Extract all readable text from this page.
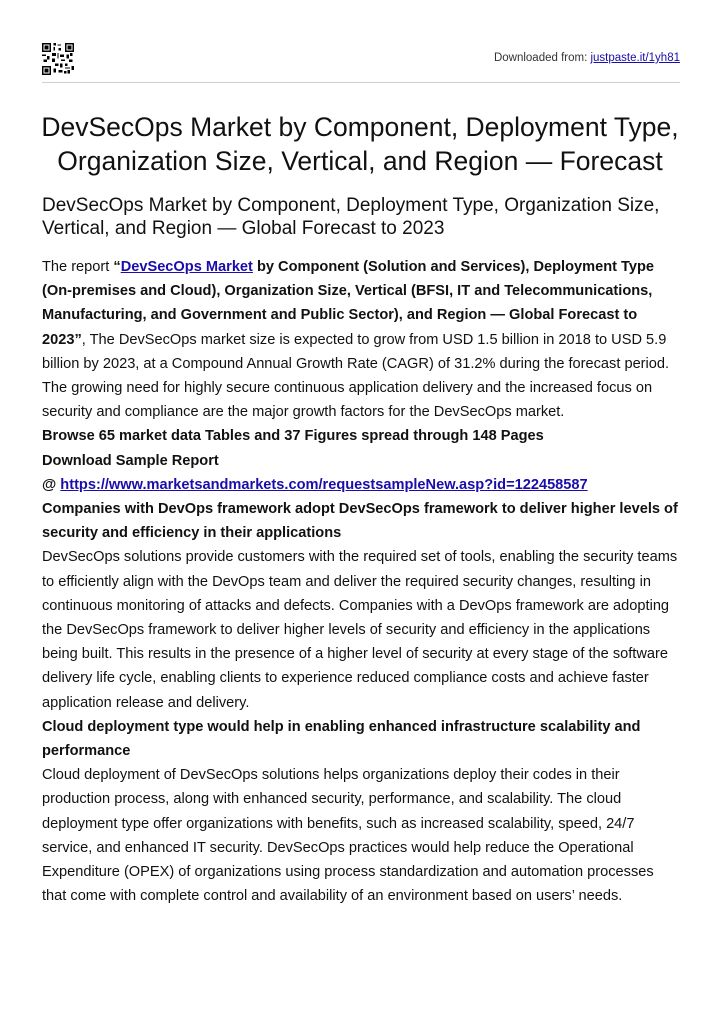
Downloaded from: justpaste.it/1yh81
DevSecOps Market by Component, Deployment Type, Organization Size, Vertical, and Region — Forecast
DevSecOps Market by Component, Deployment Type, Organization Size, Vertical, and Region — Global Forecast to 2023

The report “DevSecOps Market by Component (Solution and Services), Deployment Type (On-premises and Cloud), Organization Size, Vertical (BFSI, IT and Telecommunications, Manufacturing, and Government and Public Sector), and Region — Global Forecast to 2023”, The DevSecOps market size is expected to grow from USD 1.5 billion in 2018 to USD 5.9 billion by 2023, at a Compound Annual Growth Rate (CAGR) of 31.2% during the forecast period. The growing need for highly secure continuous application delivery and the increased focus on security and compliance are the major growth factors for the DevSecOps market.

Browse 65 market data Tables and 37 Figures spread through 148 Pages

Download Sample Report

@ https://www.marketsandmarkets.com/requestsampleNew.asp?id=122458587

Companies with DevOps framework adopt DevSecOps framework to deliver higher levels of security and efficiency in their applications

DevSecOps solutions provide customers with the required set of tools, enabling the security teams to efficiently align with the DevOps team and deliver the required security changes, resulting in continuous monitoring of attacks and defects. Companies with a DevOps framework are adopting the DevSecOps framework to deliver higher levels of security and efficiency in the applications being built. This results in the presence of a higher level of security at every stage of the software delivery life cycle, enabling clients to experience reduced compliance costs and achieve faster application release and delivery.

Cloud deployment type would help in enabling enhanced infrastructure scalability and performance

Cloud deployment of DevSecOps solutions helps organizations deploy their codes in their production process, along with enhanced security, performance, and scalability. The cloud deployment type offer organizations with benefits, such as increased scalability, speed, 24/7 service, and enhanced IT security. DevSecOps practices would help reduce the Operational Expenditure (OPEX) of organizations using process standardization and automation processes that come with complete control and availability of an environment based on users’ needs.
